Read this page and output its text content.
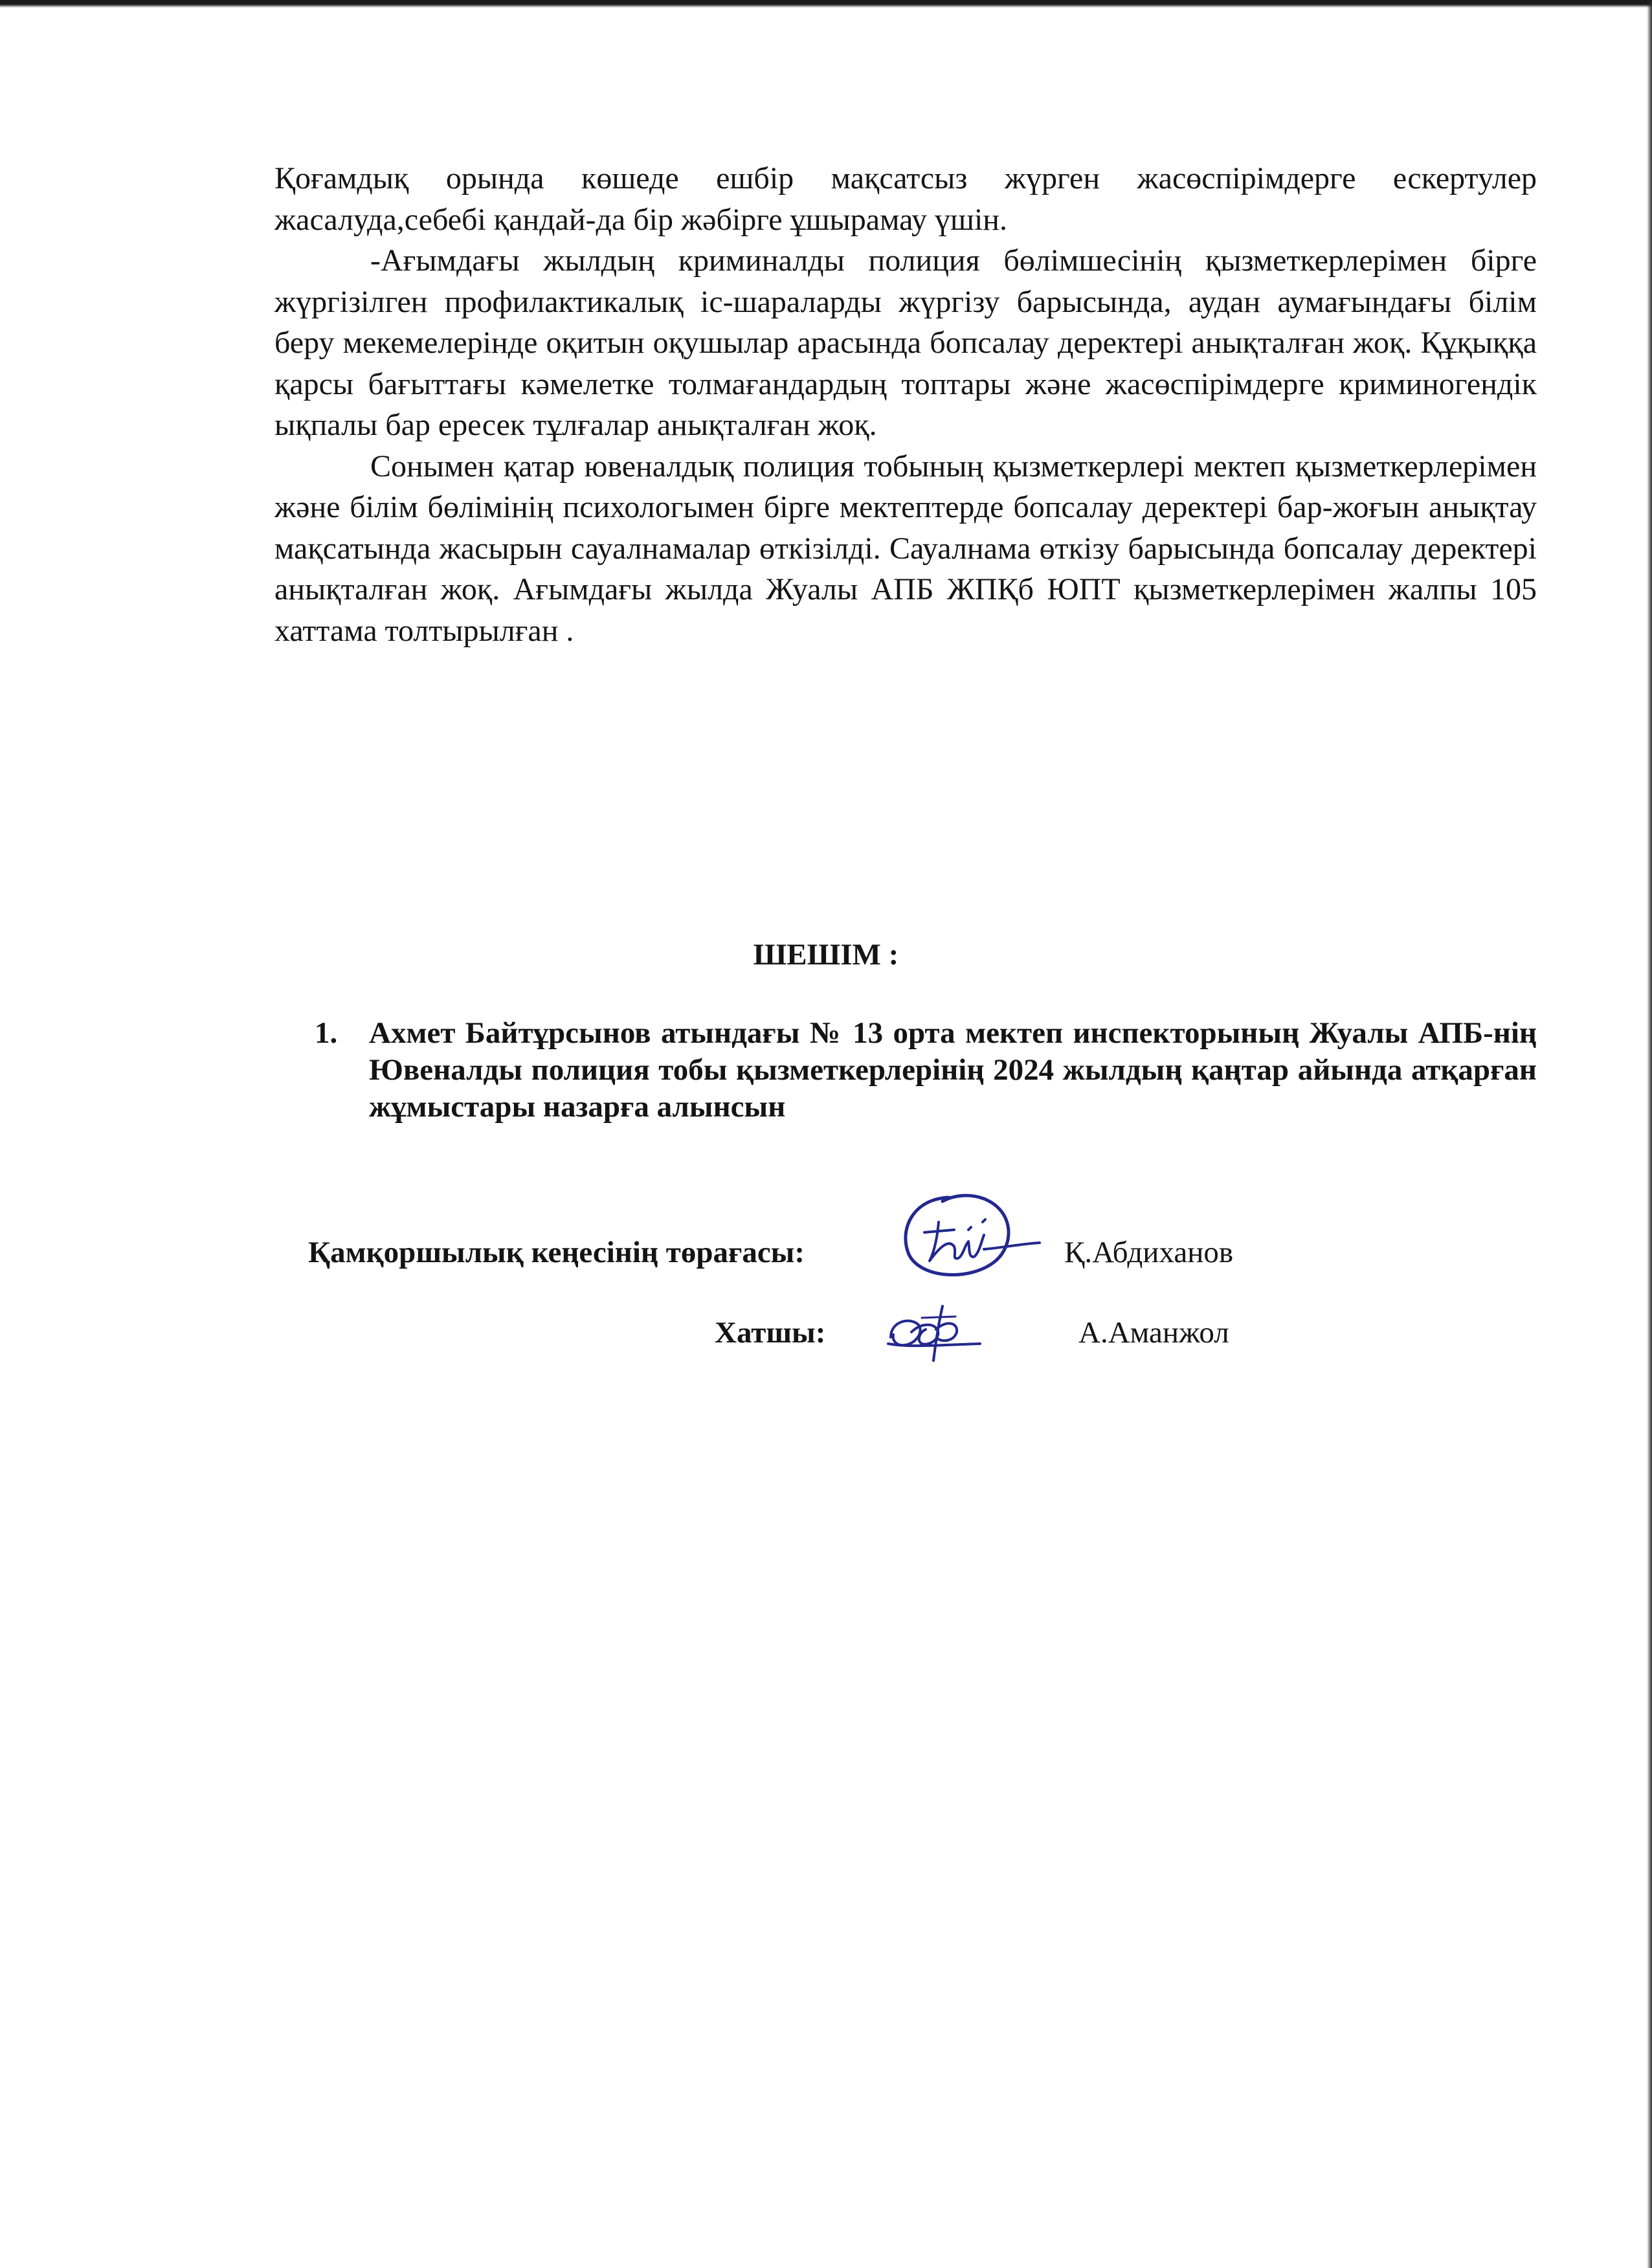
Қоғамдық орында көшеде ешбір мақсатсыз жүрген жасөспірімдерге ескертулер жасалуда,себебі қандай-да бір жәбірге ұшырамау үшін.

-Ағымдағы жылдың криминалды полиция бөлімшесінің қызметкерлерімен бірге жүргізілген профилактикалық іс-шараларды жүргізу барысында, аудан аумағындағы білім беру мекемелерінде оқитын оқушылар арасында бопсалау деректері анықталған жоқ. Құқыққа қарсы бағыттағы кәмелетке толмағандардың топтары және жасөспірімдерге криминогендік ықпалы бар ересек тұлғалар анықталған жоқ.

Сонымен қатар ювеналдық полиция тобының қызметкерлері мектеп қызметкерлерімен және білім бөлімінің психологымен бірге мектептерде бопсалау деректері бар-жоғын анықтау мақсатында жасырын сауалнамалар өткізілді. Сауалнама өткізу барысында бопсалау деректері анықталған жоқ. Ағымдағы жылда Жуалы АПБ ЖПҚб ЮПТ қызметкерлерімен жалпы 105 хаттама толтырылған .

ШЕШІМ :
1. Ахмет Байтұрсынов атындағы № 13 орта мектеп инспекторының Жуалы АПБ-нің Ювеналды полиция тобы қызметкерлерінің 2024 жылдың қаңтар айында атқарған жұмыстары назарға алынсын
Қамқоршылық кеңесінің төрағасы:	Қ.Абдиханов
Хатшы:	А.Аманжол
